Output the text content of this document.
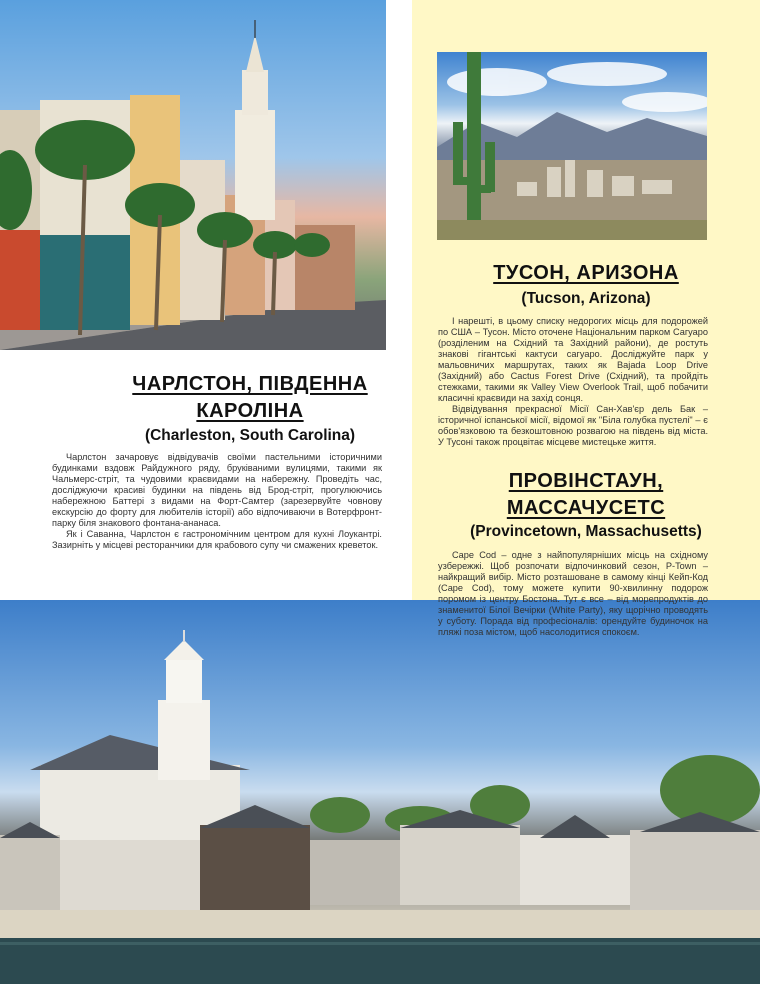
ЧАРЛСТОН, ПІВДЕННА
КАРОЛІНА
(Charleston, South Carolina)

Чарлстон зачаровує відвідувачів своїми пастельними історичними будинками вздовж Райдужного ряду, бруківаними вулицями, такими як Чальмерс-стріт, та чудовими краєвидами на набережну. Проведіть час, досліджуючи красиві будинки на південь від Брод-стріт, прогулюючись набережною Баттері з видами на Форт-Самтер (зарезервуйте човнову екскурсію до форту для любителів історії) або відпочиваючи в Вотерфронт-парку біля знакового фонтана-ананаса.

Як і Саванна, Чарлстон є гастрономічним центром для кухні Лоукантрі. Зазирніть у місцеві ресторанчики для крабового супу чи смажених креветок.

ТУСОН, АРИЗОНА
(Tucson, Arizona)

І нарешті, в цьому списку недорогих місць для подорожей по США – Тусон. Місто оточене Національним парком Сагуаро (розділеним на Східний та Західний райони), де ростуть знакові гігантські кактуси сагуаро. Досліджуйте парк у мальовничих маршрутах, таких як Bajada Loop Drive (Західний) або Cactus Forest Drive (Східний), та пройдіть стежками, такими як Valley View Overlook Trail, щоб побачити класичні краєвиди на захід сонця.

Відвідування прекрасної Місії Сан-Хав'єр дель Бак – історичної іспанської місії, відомої як "Біла голубка пустелі" – є обов'язковою та безкоштовною розвагою на південь від міста. У Тусоні також процвітає місцеве мистецьке життя.

ПРОВІНСТАУН,
МАССАЧУСЕТС
(Provincetown, Massachusetts)

Cape Cod – одне з найпопулярніших місць на східному узбережжі. Щоб розпочати відпочинковий сезон, P-Town – найкращий вибір. Місто розташоване в самому кінці Кейп-Код (Cape Cod), тому можете купити 90-хвилинну подорож поромом із центру Бостона. Тут є все – від морепродуктів до знаменитої Білої Вечірки (White Party), яку щорічно проводять у суботу. Порада від професіоналів: орендуйте будиночок на пляжі поза містом, щоб насолодитися спокоєм.
